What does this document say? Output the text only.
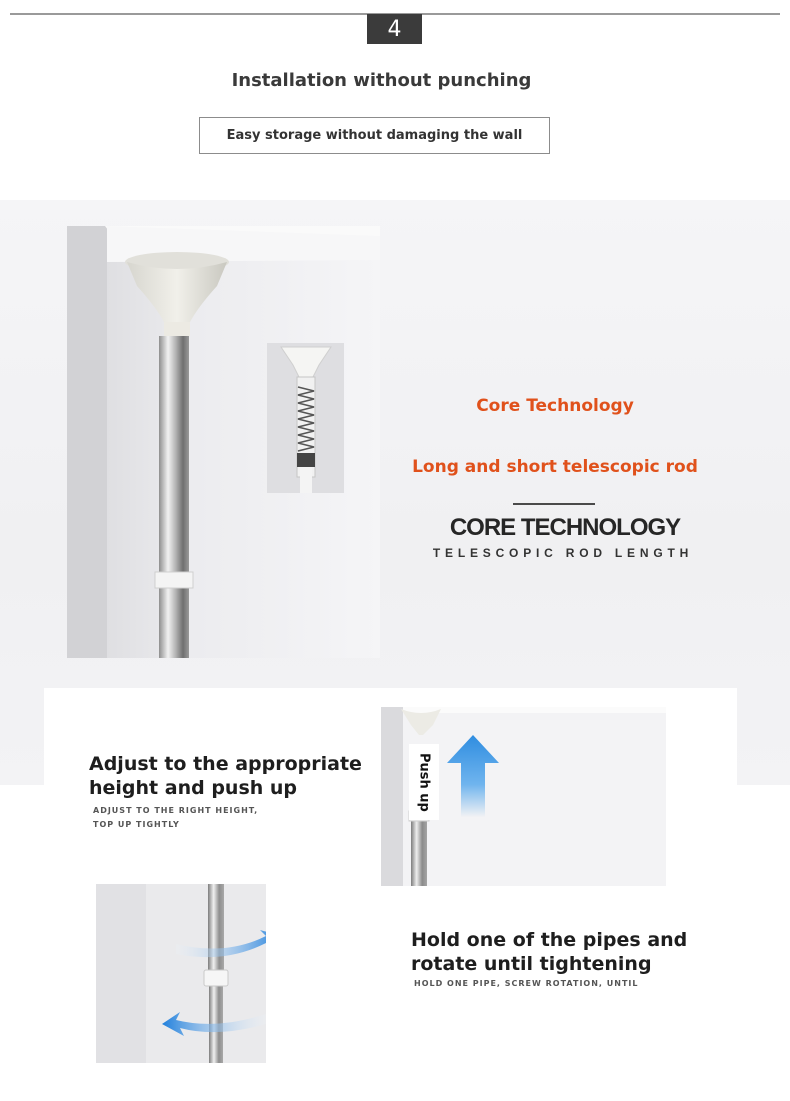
4
Installation without punching
Easy storage without damaging the wall
Core Technology
Long and short telescopic rod
CORE TECHNOLOGY
TELESCOPIC ROD LENGTH
Adjust to the appropriate height and push up
ADJUST TO THE RIGHT HEIGHT,
TOP UP TIGHTLY
Push up
Hold one of the pipes and rotate until tightening
HOLD ONE PIPE, SCREW ROTATION, UNTIL
